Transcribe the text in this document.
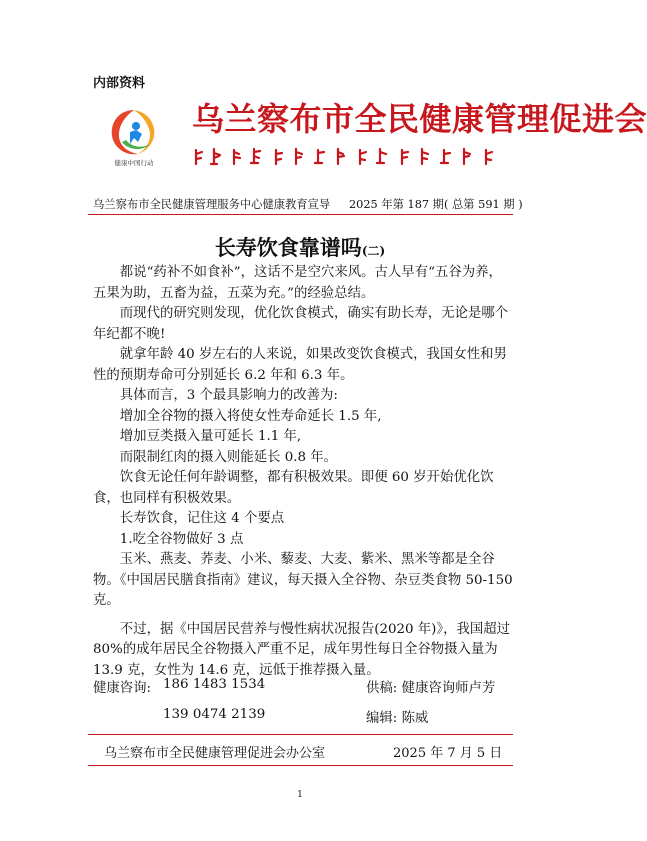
内部资料
健康中国行动
乌兰察布市全民健康管理促进会
乌兰察布市全民健康管理服务中心健康教育宣导 2025 年第 187 期( 总第 591 期 )
长寿饮食靠谱吗(二)

都说“药补不如食补”，这话不是空穴来风。古人早有“五谷为养，五果为助，五畜为益，五菜为充。”的经验总结。

而现代的研究则发现，优化饮食模式，确实有助长寿，无论是哪个年纪都不晚!

就拿年龄 40 岁左右的人来说，如果改变饮食模式，我国女性和男性的预期寿命可分别延长 6.2 年和 6.3 年。

具体而言，3 个最具影响力的改善为:

增加全谷物的摄入将使女性寿命延长 1.5 年,

增加豆类摄入量可延长 1.1 年,

而限制红肉的摄入则能延长 0.8 年。

饮食无论任何年龄调整，都有积极效果。即便 60 岁开始优化饮食，也同样有积极效果。

长寿饮食，记住这 4 个要点

1.吃全谷物做好 3 点

玉米、燕麦、荞麦、小米、藜麦、大麦、紫米、黑米等都是全谷物。《中国居民膳食指南》建议，每天摄入全谷物、杂豆类食物 50-150 克。

不过，据《中国居民营养与慢性病状况报告(2020 年)》，我国超过 80%的成年居民全谷物摄入严重不足，成年男性每日全谷物摄入量为 13.9 克，女性为 14.6 克，远低于推荐摄入量。

健康咨询: 186 1483 1534
139 0474 2139
供稿: 健康咨询师卢芳
编辑: 陈威
乌兰察布市全民健康管理促进会办公室	2025 年 7 月 5 日
1
